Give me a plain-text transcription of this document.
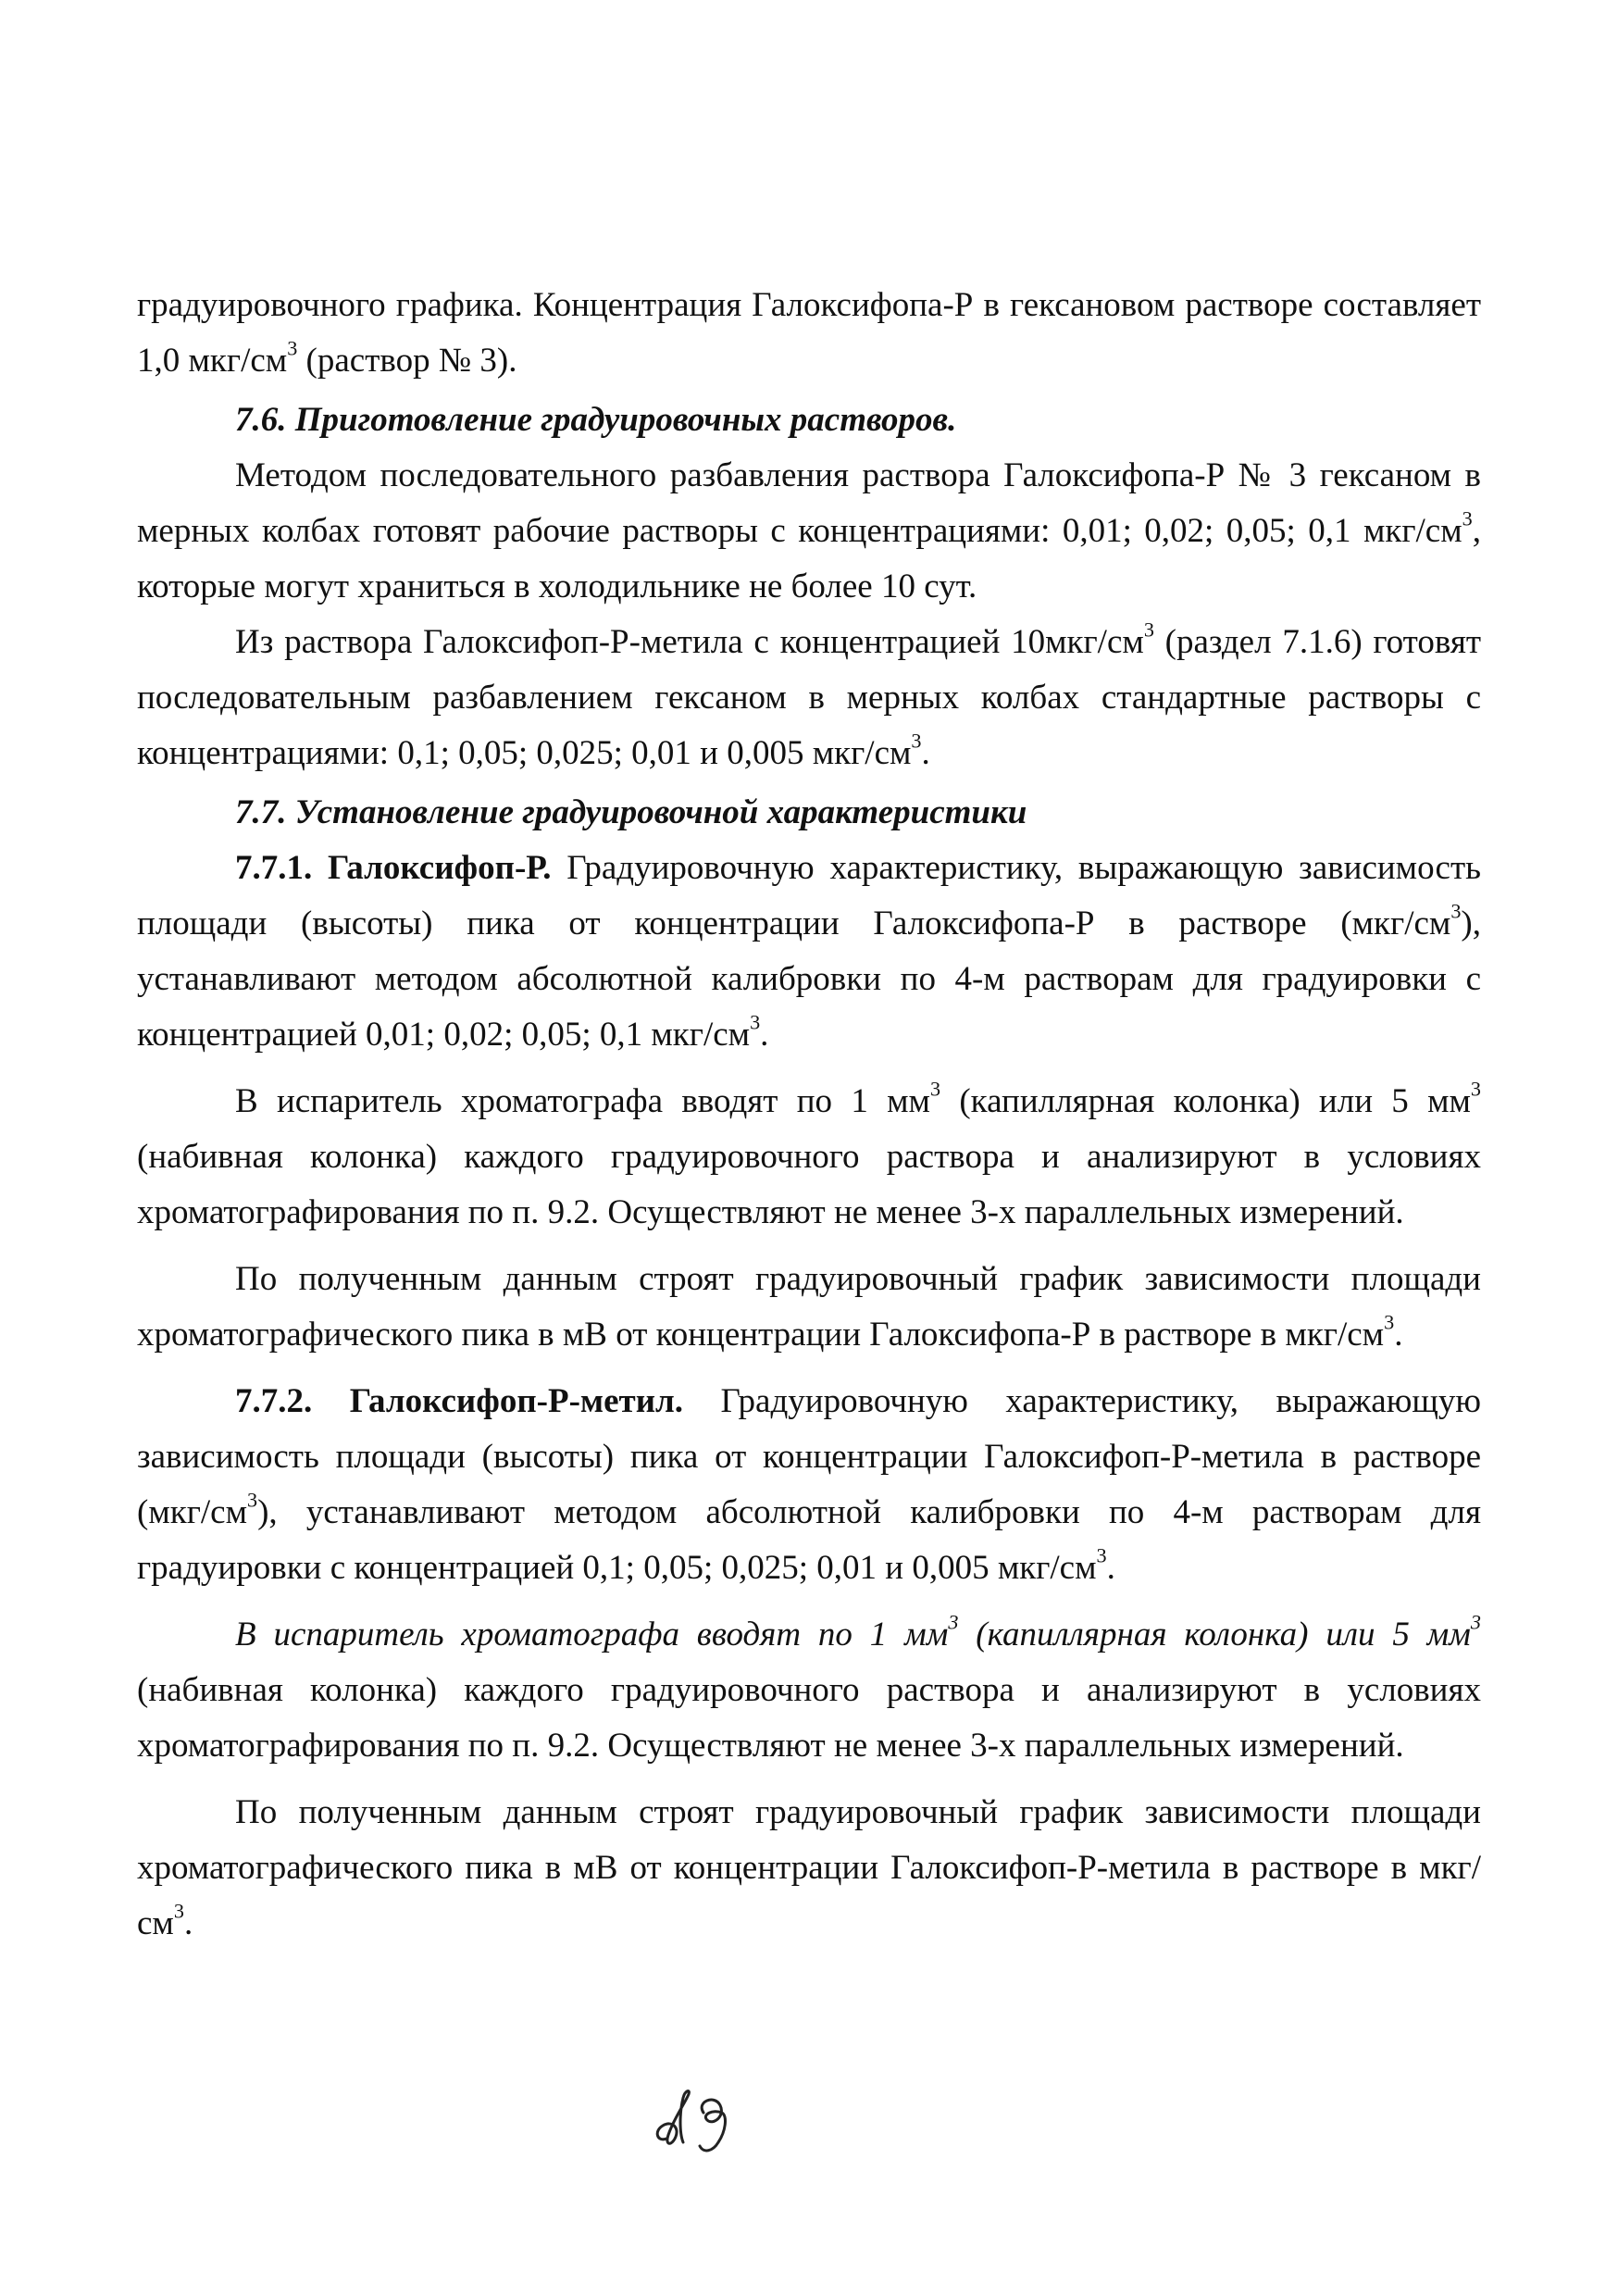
градуировочного графика. Концентрация Галоксифопа-Р в гексановом растворе составляет 1,0 мкг/$см^3$ (раствор № 3).

7.6. Приготовление градуировочных растворов.

Методом последовательного разбавления раствора Галоксифопа-Р № 3 гексаном в мерных колбах готовят рабочие растворы с концентрациями: 0,01; 0,02; 0,05; 0,1 мкг/$см^3$, которые могут храниться в холодильнике не более 10 сут.

Из раствора Галоксифоп-Р-метила с концентрацией $10мкг/см^3$ (раздел 7.1.6) готовят последовательным разбавлением гексаном в мерных колбах стандартные растворы с концентрациями: 0,1; 0,05; 0,025; 0,01 и 0,005 мкг/$см^3$.

7.7. Установление градуировочной характеристики

7.7.1. Галоксифоп-Р. Градуировочную характеристику, выражающую зависимость площади (высоты) пика от концентрации Галоксифопа-Р в растворе $(мкг/см^3)$, устанавливают методом абсолютной калибровки по 4-м растворам для градуировки с концентрацией 0,01; 0,02; 0,05; 0,1 мкг/$см^3$.

В испаритель хроматографа вводят по 1 $мм^3$ (капиллярная колонка) или 5 $мм^3$ (набивная колонка) каждого градуировочного раствора и анализируют в условиях хроматографирования по п. 9.2. Осуществляют не менее 3-х параллельных измерений.

По полученным данным строят градуировочный график зависимости площади хроматографического пика в мВ от концентрации Галоксифопа-Р в растворе в мкг/$см^3$.

7.7.2. Галоксифоп-Р-метил. Градуировочную характеристику, выражающую зависимость площади (высоты) пика от концентрации Галоксифоп-Р-метила в растворе $(мкг/см^3)$, устанавливают методом абсолютной калибровки по 4-м растворам для градуировки с концентрацией 0,1; 0,05; 0,025; 0,01 и 0,005 мкг/$см^3$.

В испаритель хроматографа вводят по 1 $мм^3$ (капиллярная колонка) или 5 $мм^3$ (набивная колонка) каждого градуировочного раствора и анализируют в условиях хроматографирования по п. 9.2. Осуществляют не менее 3-х параллельных измерений.

По полученным данным строят градуировочный график зависимости площади хроматографического пика в мВ от концентрации Галоксифоп-Р-метила в растворе в мкг/$см^3$.
